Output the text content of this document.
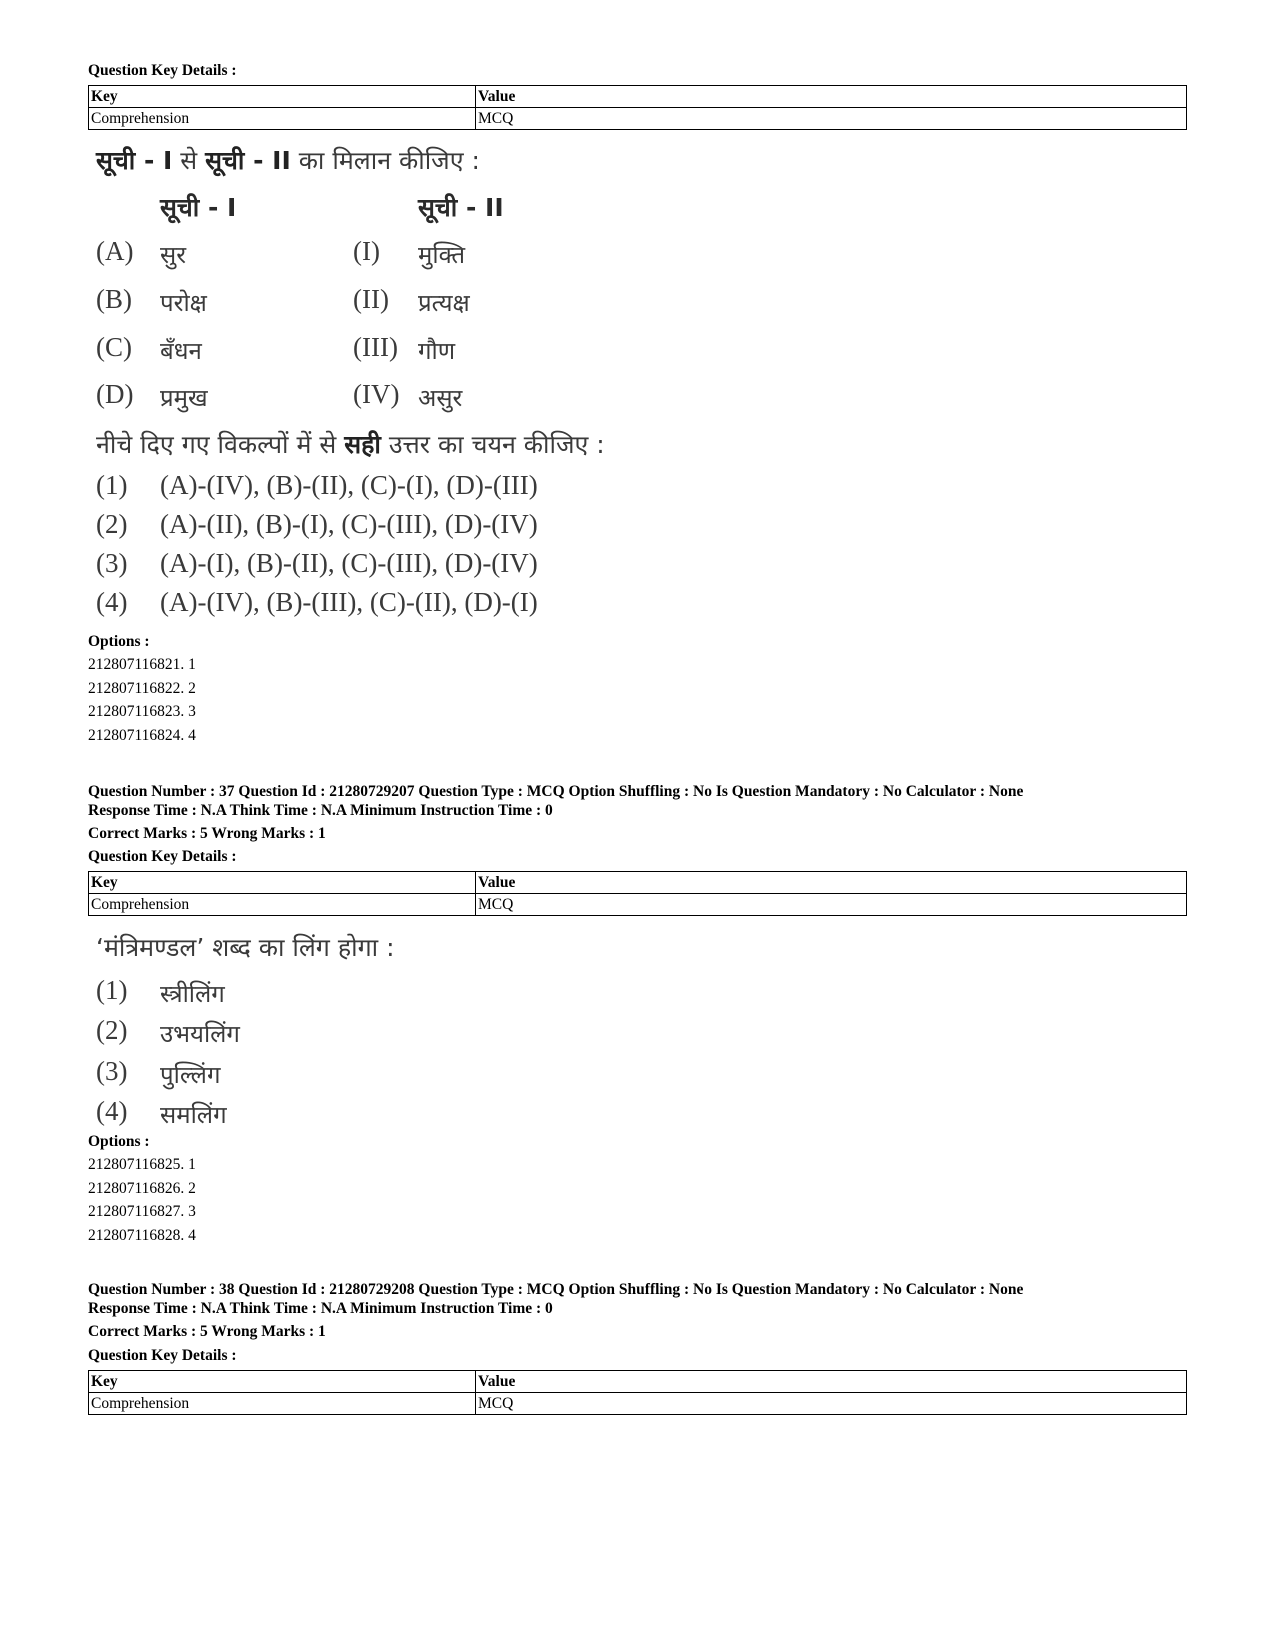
Question Key Details :
Key	Value
Comprehension	MCQ
सूची - I से सूची - II का मिलान कीजिए :
सूची - I	सूची - II
(A) सुर	(I) मुक्ति
(B) परोक्ष	(II) प्रत्यक्ष
(C) बँधन	(III) गौण
(D) प्रमुख	(IV) असुर
नीचे दिए गए विकल्पों में से सही उत्तर का चयन कीजिए :
(1) (A)-(IV), (B)-(II), (C)-(I), (D)-(III)
(2) (A)-(II), (B)-(I), (C)-(III), (D)-(IV)
(3) (A)-(I), (B)-(II), (C)-(III), (D)-(IV)
(4) (A)-(IV), (B)-(III), (C)-(II), (D)-(I)
Options :
212807116821. 1
212807116822. 2
212807116823. 3
212807116824. 4
Question Number : 37 Question Id : 21280729207 Question Type : MCQ Option Shuffling : No Is Question Mandatory : No Calculator : None
Response Time : N.A Think Time : N.A Minimum Instruction Time : 0
Correct Marks : 5 Wrong Marks : 1
Question Key Details :
Key	Value
Comprehension	MCQ
‘मंत्रिमण्डल’ शब्द का लिंग होगा :
(1) स्त्रीलिंग
(2) उभयलिंग
(3) पुल्लिंग
(4) समलिंग
Options :
212807116825. 1
212807116826. 2
212807116827. 3
212807116828. 4
Question Number : 38 Question Id : 21280729208 Question Type : MCQ Option Shuffling : No Is Question Mandatory : No Calculator : None
Response Time : N.A Think Time : N.A Minimum Instruction Time : 0
Correct Marks : 5 Wrong Marks : 1
Question Key Details :
Key	Value
Comprehension	MCQ
